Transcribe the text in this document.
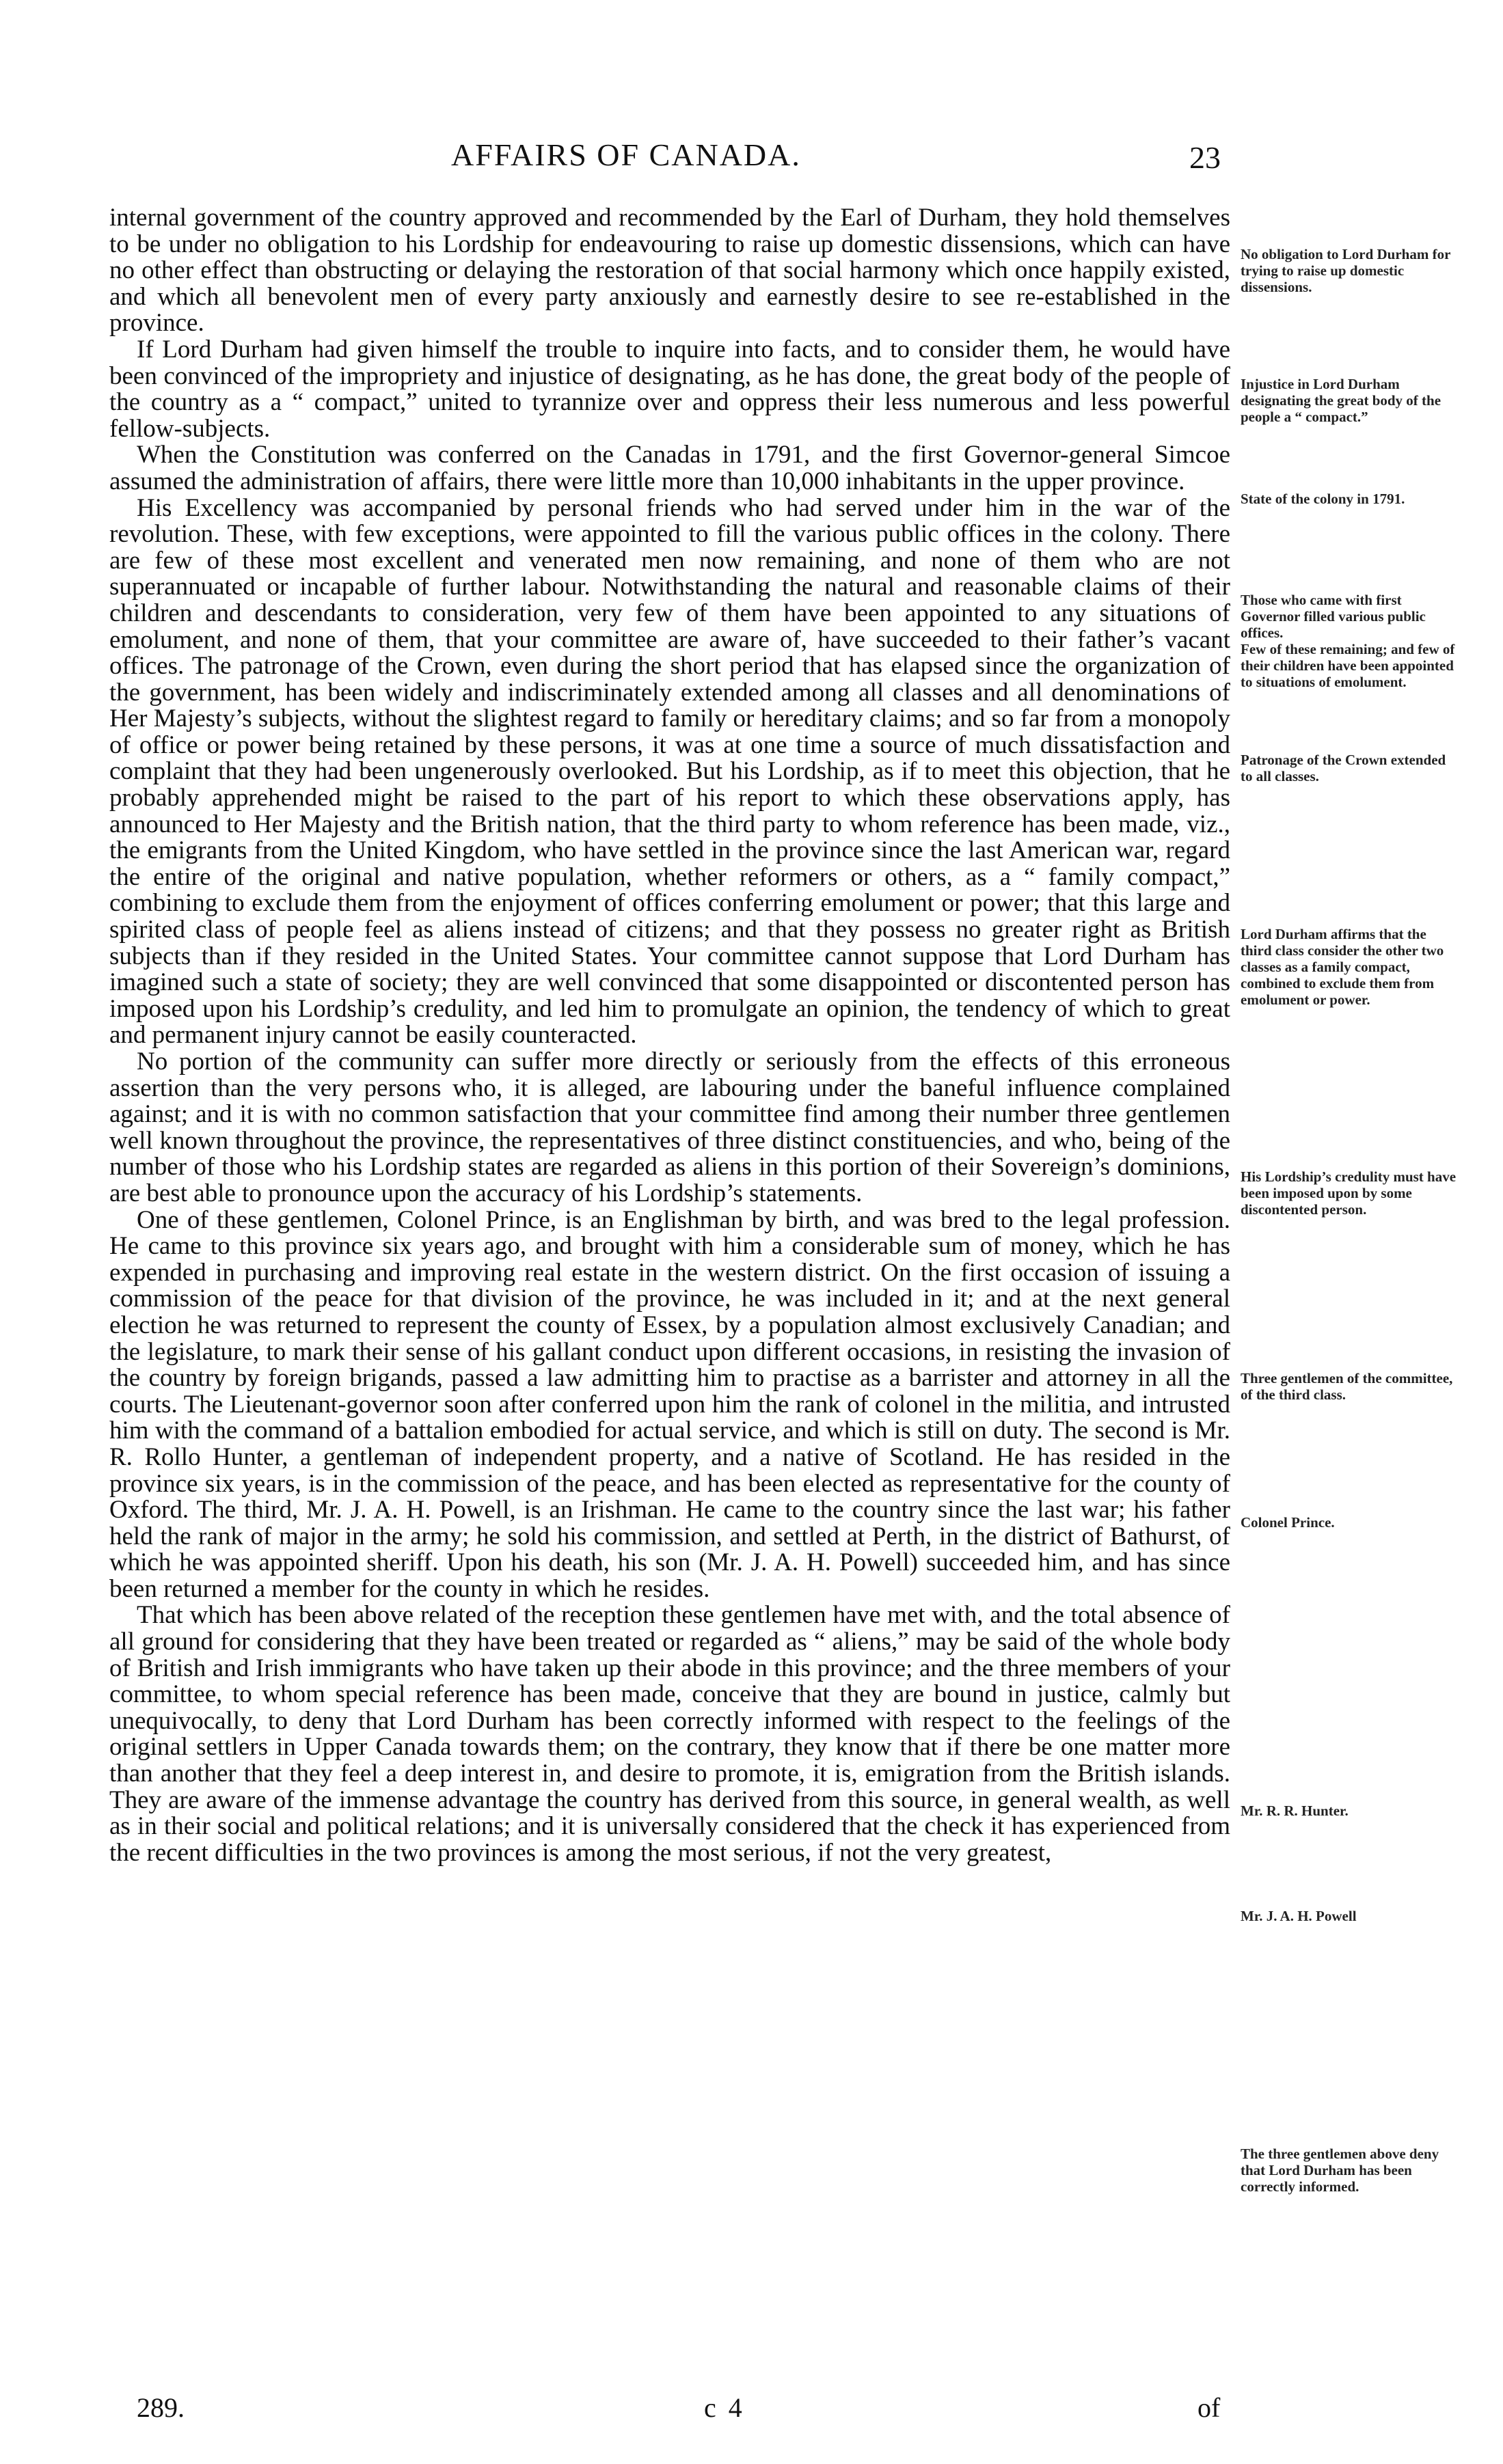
AFFAIRS OF CANADA.	23

internal government of the country approved and recommended by the Earl of Durham, they hold themselves to be under no obligation to his Lordship for endeavouring to raise up domestic dissensions, which can have no other effect than obstructing or delaying the restoration of that social harmony which once happily existed, and which all benevolent men of every party anxiously and earnestly desire to see re-established in the province.

If Lord Durham had given himself the trouble to inquire into facts, and to consider them, he would have been convinced of the impropriety and injustice of designating, as he has done, the great body of the people of the country as a “ compact,” united to tyrannize over and oppress their less numerous and less powerful fellow-subjects.

When the Constitution was conferred on the Canadas in 1791, and the first Governor-general Simcoe assumed the administration of affairs, there were little more than 10,000 inhabitants in the upper province.

His Excellency was accompanied by personal friends who had served under him in the war of the revolution. These, with few exceptions, were appointed to fill the various public offices in the colony. There are few of these most excellent and venerated men now remaining, and none of them who are not superannuated or incapable of further labour. Notwithstanding the natural and reasonable claims of their children and descendants to consideration, very few of them have been appointed to any situations of emolument, and none of them, that your committee are aware of, have succeeded to their father’s vacant offices. The patronage of the Crown, even during the short period that has elapsed since the organization of the government, has been widely and indiscriminately extended among all classes and all denominations of Her Majesty’s subjects, without the slightest regard to family or hereditary claims; and so far from a monopoly of office or power being retained by these persons, it was at one time a source of much dissatisfaction and complaint that they had been ungenerously overlooked. But his Lordship, as if to meet this objection, that he probably apprehended might be raised to the part of his report to which these observations apply, has announced to Her Majesty and the British nation, that the third party to whom reference has been made, viz., the emigrants from the United Kingdom, who have settled in the province since the last American war, regard the entire of the original and native population, whether reformers or others, as a “ family compact,” combining to exclude them from the enjoyment of offices conferring emolument or power; that this large and spirited class of people feel as aliens instead of citizens; and that they possess no greater right as British subjects than if they resided in the United States. Your committee cannot suppose that Lord Durham has imagined such a state of society; they are well convinced that some disappointed or discontented person has imposed upon his Lordship’s credulity, and led him to promulgate an opinion, the tendency of which to great and permanent injury cannot be easily counteracted.

No portion of the community can suffer more directly or seriously from the effects of this erroneous assertion than the very persons who, it is alleged, are labouring under the baneful influence complained against; and it is with no common satisfaction that your committee find among their number three gentlemen well known throughout the province, the representatives of three distinct constituencies, and who, being of the number of those who his Lordship states are regarded as aliens in this portion of their Sovereign’s dominions, are best able to pronounce upon the accuracy of his Lordship’s statements.

One of these gentlemen, Colonel Prince, is an Englishman by birth, and was bred to the legal profession. He came to this province six years ago, and brought with him a considerable sum of money, which he has expended in purchasing and improving real estate in the western district. On the first occasion of issuing a commission of the peace for that division of the province, he was included in it; and at the next general election he was returned to represent the county of Essex, by a population almost exclusively Canadian; and the legislature, to mark their sense of his gallant conduct upon different occasions, in resisting the invasion of the country by foreign brigands, passed a law admitting him to practise as a barrister and attorney in all the courts. The Lieutenant-governor soon after conferred upon him the rank of colonel in the militia, and intrusted him with the command of a battalion embodied for actual service, and which is still on duty. The second is Mr. R. Rollo Hunter, a gentleman of independent property, and a native of Scotland. He has resided in the province six years, is in the commission of the peace, and has been elected as representative for the county of Oxford. The third, Mr. J. A. H. Powell, is an Irishman. He came to the country since the last war; his father held the rank of major in the army; he sold his commission, and settled at Perth, in the district of Bathurst, of which he was appointed sheriff. Upon his death, his son (Mr. J. A. H. Powell) succeeded him, and has since been returned a member for the county in which he resides.

That which has been above related of the reception these gentlemen have met with, and the total absence of all ground for considering that they have been treated or regarded as “ aliens,” may be said of the whole body of British and Irish immigrants who have taken up their abode in this province; and the three members of your committee, to whom special reference has been made, conceive that they are bound in justice, calmly but unequivocally, to deny that Lord Durham has been correctly informed with respect to the feelings of the original settlers in Upper Canada towards them; on the contrary, they know that if there be one matter more than another that they feel a deep interest in, and desire to promote, it is, emigration from the British islands. They are aware of the immense advantage the country has derived from this source, in general wealth, as well as in their social and political relations; and it is universally considered that the check it has experienced from the recent difficulties in the two provinces is among the most serious, if not the very greatest,

No obligation to Lord Durham for trying to raise up domestic dissensions.
Injustice in Lord Durham designating the great body of the people a “ compact.”
State of the colony in 1791.
Those who came with first Governor filled various public offices.
Few of these remaining; and few of their children have been appointed to situations of emolument.
Patronage of the Crown extended to all classes.
Lord Durham affirms that the third class consider the other two classes as a family compact, combined to exclude them from emolument or power.
His Lordship’s credulity must have been imposed upon by some discontented person.
Three gentlemen of the committee, of the third class.
Colonel Prince.
Mr. R. R. Hunter.
Mr. J. A. H. Powell
The three gentlemen above deny that Lord Durham has been correctly informed.
289.	c 4	of
